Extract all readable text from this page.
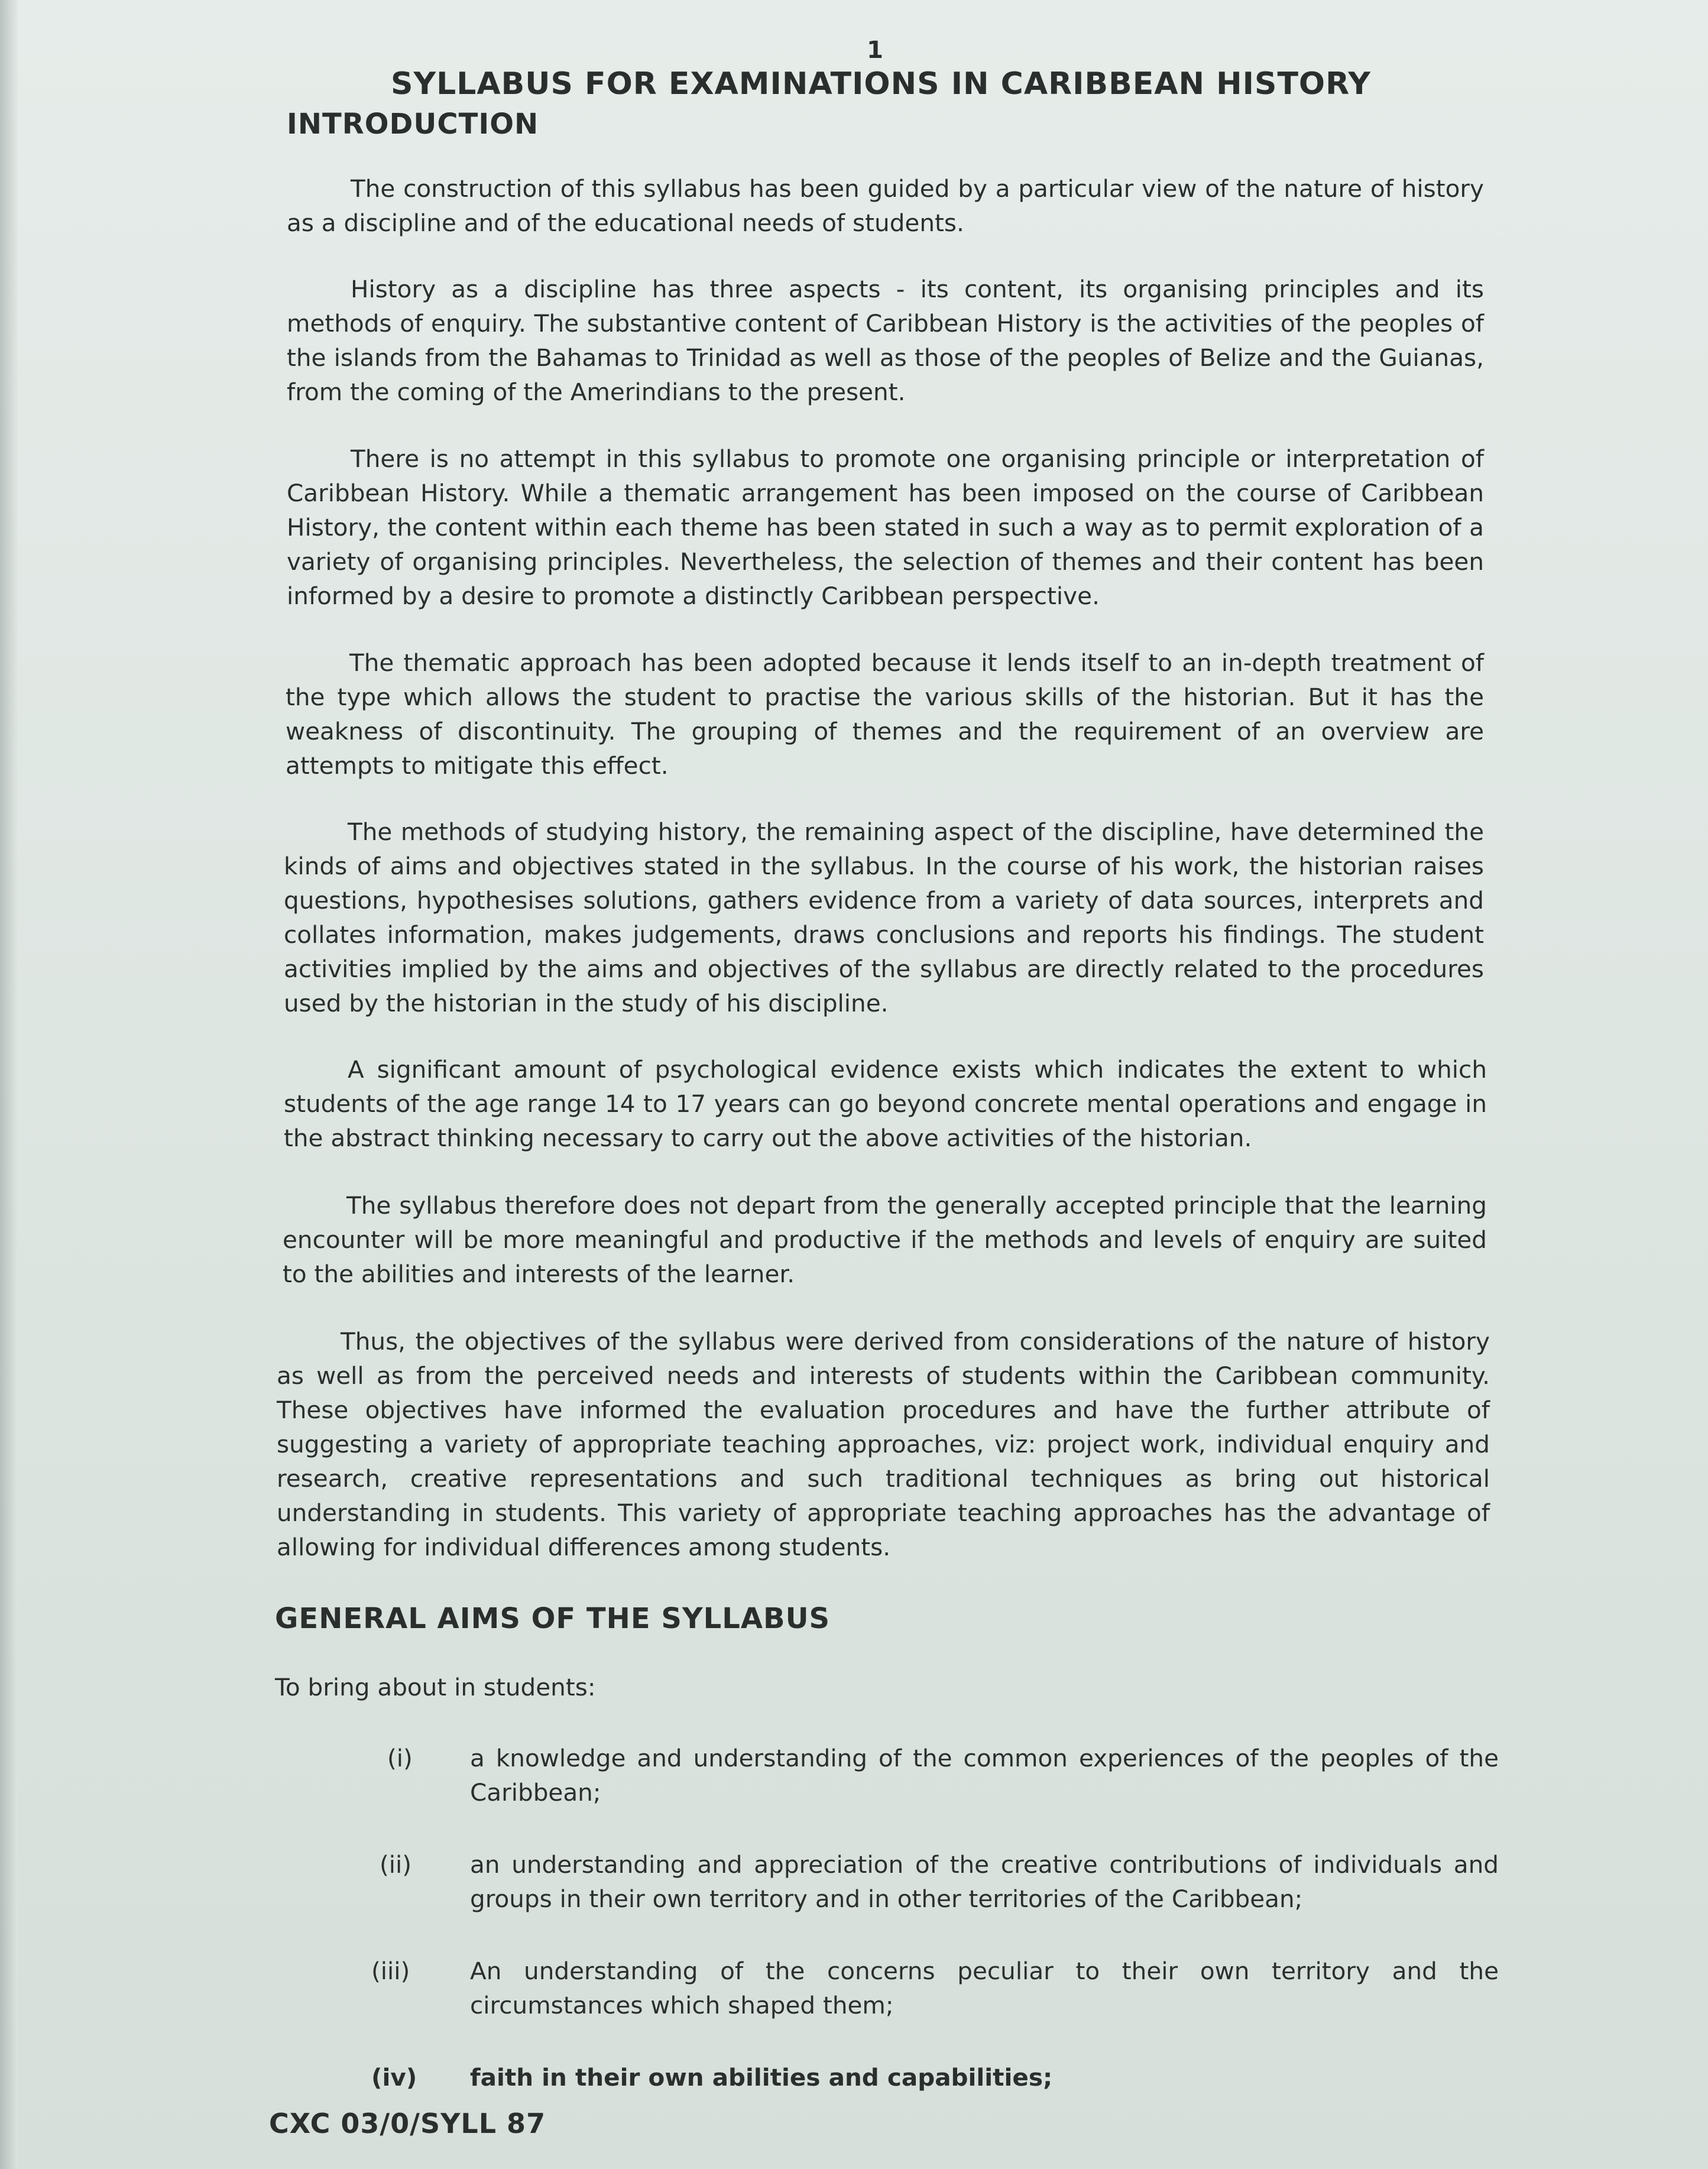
1
SYLLABUS FOR EXAMINATIONS IN CARIBBEAN HISTORY
INTRODUCTION

The construction of this syllabus has been guided by a particular view of the nature of history as a discipline and of the educational needs of students.

History as a discipline has three aspects - its content, its organising principles and its methods of enquiry. The substantive content of Caribbean History is the activities of the peoples of the islands from the Bahamas to Trinidad as well as those of the peoples of Belize and the Guianas, from the coming of the Amerindians to the present.

There is no attempt in this syllabus to promote one organising principle or interpretation of Caribbean History. While a thematic arrangement has been imposed on the course of Caribbean History, the content within each theme has been stated in such a way as to permit exploration of a variety of organising principles. Nevertheless, the selection of themes and their content has been informed by a desire to promote a distinctly Caribbean perspective.

The thematic approach has been adopted because it lends itself to an in-depth treatment of the type which allows the student to practise the various skills of the historian. But it has the weakness of discontinuity. The grouping of themes and the requirement of an overview are attempts to mitigate this effect.

The methods of studying history, the remaining aspect of the discipline, have determined the kinds of aims and objectives stated in the syllabus. In the course of his work, the historian raises questions, hypothesises solutions, gathers evidence from a variety of data sources, interprets and collates information, makes judgements, draws conclusions and reports his findings. The student activities implied by the aims and objectives of the syllabus are directly related to the procedures used by the historian in the study of his discipline.

A significant amount of psychological evidence exists which indicates the extent to which students of the age range 14 to 17 years can go beyond concrete mental operations and engage in the abstract thinking necessary to carry out the above activities of the historian.

The syllabus therefore does not depart from the generally accepted principle that the learning encounter will be more meaningful and productive if the methods and levels of enquiry are suited to the abilities and interests of the learner.

Thus, the objectives of the syllabus were derived from considerations of the nature of history as well as from the perceived needs and interests of students within the Caribbean community. These objectives have informed the evaluation procedures and have the further attribute of suggesting a variety of appropriate teaching approaches, viz: project work, individual enquiry and research, creative representations and such traditional techniques as bring out historical understanding in students. This variety of appropriate teaching approaches has the advantage of allowing for individual differences among students.

GENERAL AIMS OF THE SYLLABUS
To bring about in students:
(i)	a knowledge and understanding of the common experiences of the peoples of the Caribbean;
(ii)	an understanding and appreciation of the creative contributions of individuals and groups in their own territory and in other territories of the Caribbean;
(iii)	An understanding of the concerns peculiar to their own territory and the circumstances which shaped them;
(iv)	faith in their own abilities and capabilities;
CXC 03/0/SYLL 87
